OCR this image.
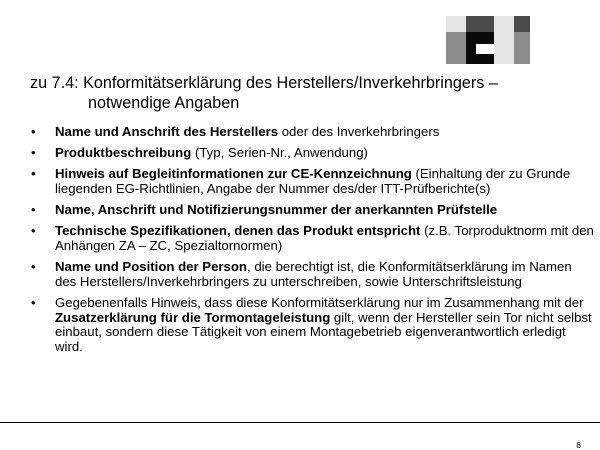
zu 7.4: Konformitätserklärung des Herstellers/Inverkehrbringers –
notwendige Angaben
• Name und Anschrift des Herstellers oder des Inverkehrbringers
• Produktbeschreibung (Typ, Serien-Nr., Anwendung)
• Hinweis auf Begleitinformationen zur CE-Kennzeichnung (Einhaltung der zu Grunde liegenden EG-Richtlinien, Angabe der Nummer des/der ITT-Prüfberichte(s)
• Name, Anschrift und Notifizierungsnummer der anerkannten Prüfstelle
• Technische Spezifikationen, denen das Produkt entspricht (z.B. Torproduktnorm mit den Anhängen ZA – ZC, Spezialtornormen)
• Name und Position der Person, die berechtigt ist, die Konformitätserklärung im Namen des Herstellers/Inverkehrbringers zu unterschreiben, sowie Unterschriftsleistung
• Gegebenenfalls Hinweis, dass diese Konformitätserklärung nur im Zusammenhang mit der Zusatzerklärung für die Tormontageleistung gilt, wenn der Hersteller sein Tor nicht selbst einbaut, sondern diese Tätigkeit von einem Montagebetrieb eigenverantwortlich erledigt wird.
8
